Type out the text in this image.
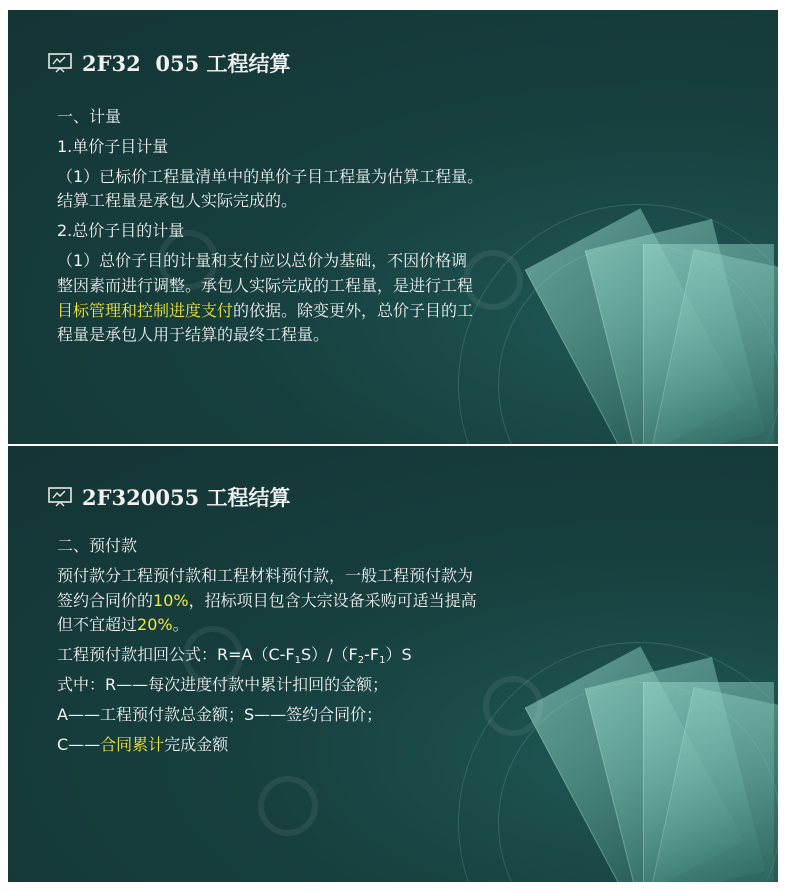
2F32  055 工程结算

一、计量

1.单价子目计量

（1）已标价工程量清单中的单价子目工程量为估算工程量。

结算工程量是承包人实际完成的。

2.总价子目的计量

（1）总价子目的计量和支付应以总价为基础，不因价格调

整因素而进行调整。承包人实际完成的工程量，是进行工程

目标管理和控制进度支付的依据。除变更外，总价子目的工

程量是承包人用于结算的最终工程量。

2F320055 工程结算

二、预付款

预付款分工程预付款和工程材料预付款，一般工程预付款为

签约合同价的10%，招标项目包含大宗设备采购可适当提高

但不宜超过20%。

工程预付款扣回公式：$R=A(C-F_1S)/(F_2-F_1)S$

式中：R——每次进度付款中累计扣回的金额；

A——工程预付款总金额；S——签约合同价；

C——合同累计完成金额
